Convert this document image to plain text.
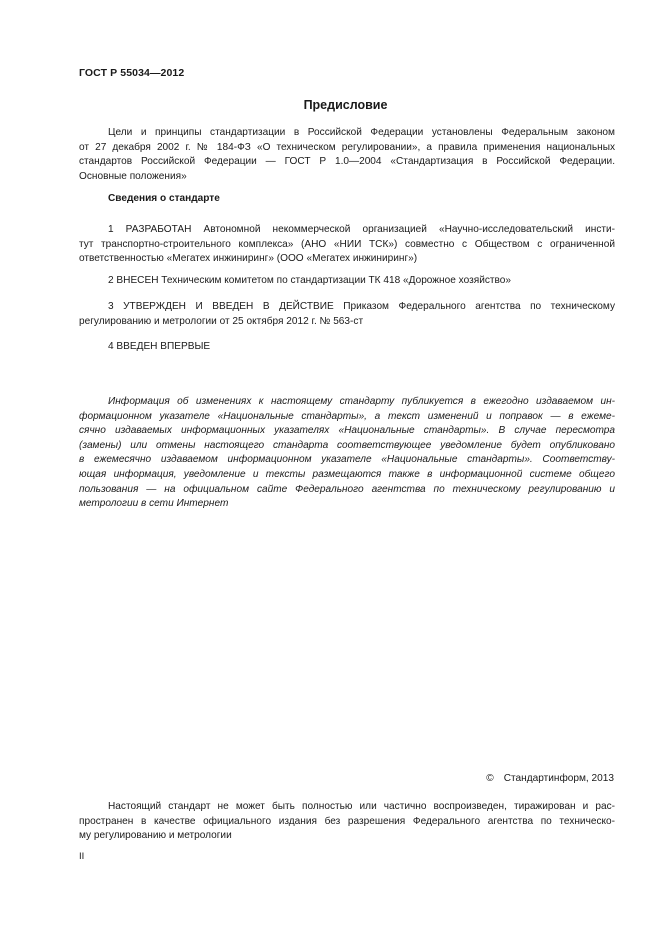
ГОСТ Р 55034—2012
Предисловие

Цели и принципы стандартизации в Российской Федерации установлены Федеральным законом
от 27 декабря 2002 г. № 184-ФЗ «О техническом регулировании», а правила применения национальных
стандартов Российской Федерации — ГОСТ Р 1.0—2004 «Стандартизация в Российской Федерации.
Основные положения»

Сведения о стандарте

1 РАЗРАБОТАН Автономной некоммерческой организацией «Научно-исследовательский инсти-
тут транспортно-строительного комплекса» (АНО «НИИ ТСК») совместно с Обществом с ограниченной
ответственностью «Мегатех инжиниринг» (ООО «Мегатех инжиниринг»)

2 ВНЕСЕН Техническим комитетом по стандартизации ТК 418 «Дорожное хозяйство»

3 УТВЕРЖДЕН И ВВЕДЕН В ДЕЙСТВИЕ Приказом Федерального агентства по техническому
регулированию и метрологии от 25 октября 2012 г. № 563-ст

4 ВВЕДЕН ВПЕРВЫЕ

Информация об изменениях к настоящему стандарту публикуется в ежегодно издаваемом ин-
формационном указателе «Национальные стандарты», а текст изменений и поправок — в ежеме-
сячно издаваемых информационных указателях «Национальные стандарты». В случае пересмотра
(замены) или отмены настоящего стандарта соответствующее уведомление будет опубликовано
в ежемесячно издаваемом информационном указателе «Национальные стандарты». Соответству-
ющая информация, уведомление и тексты размещаются также в информационной системе общего
пользования — на официальном сайте Федерального агентства по техническому регулированию и
метрологии в сети Интернет

© Стандартинформ, 2013

Настоящий стандарт не может быть полностью или частично воспроизведен, тиражирован и рас-
пространен в качестве официального издания без разрешения Федерального агентства по техническо-
му регулированию и метрологии

II
